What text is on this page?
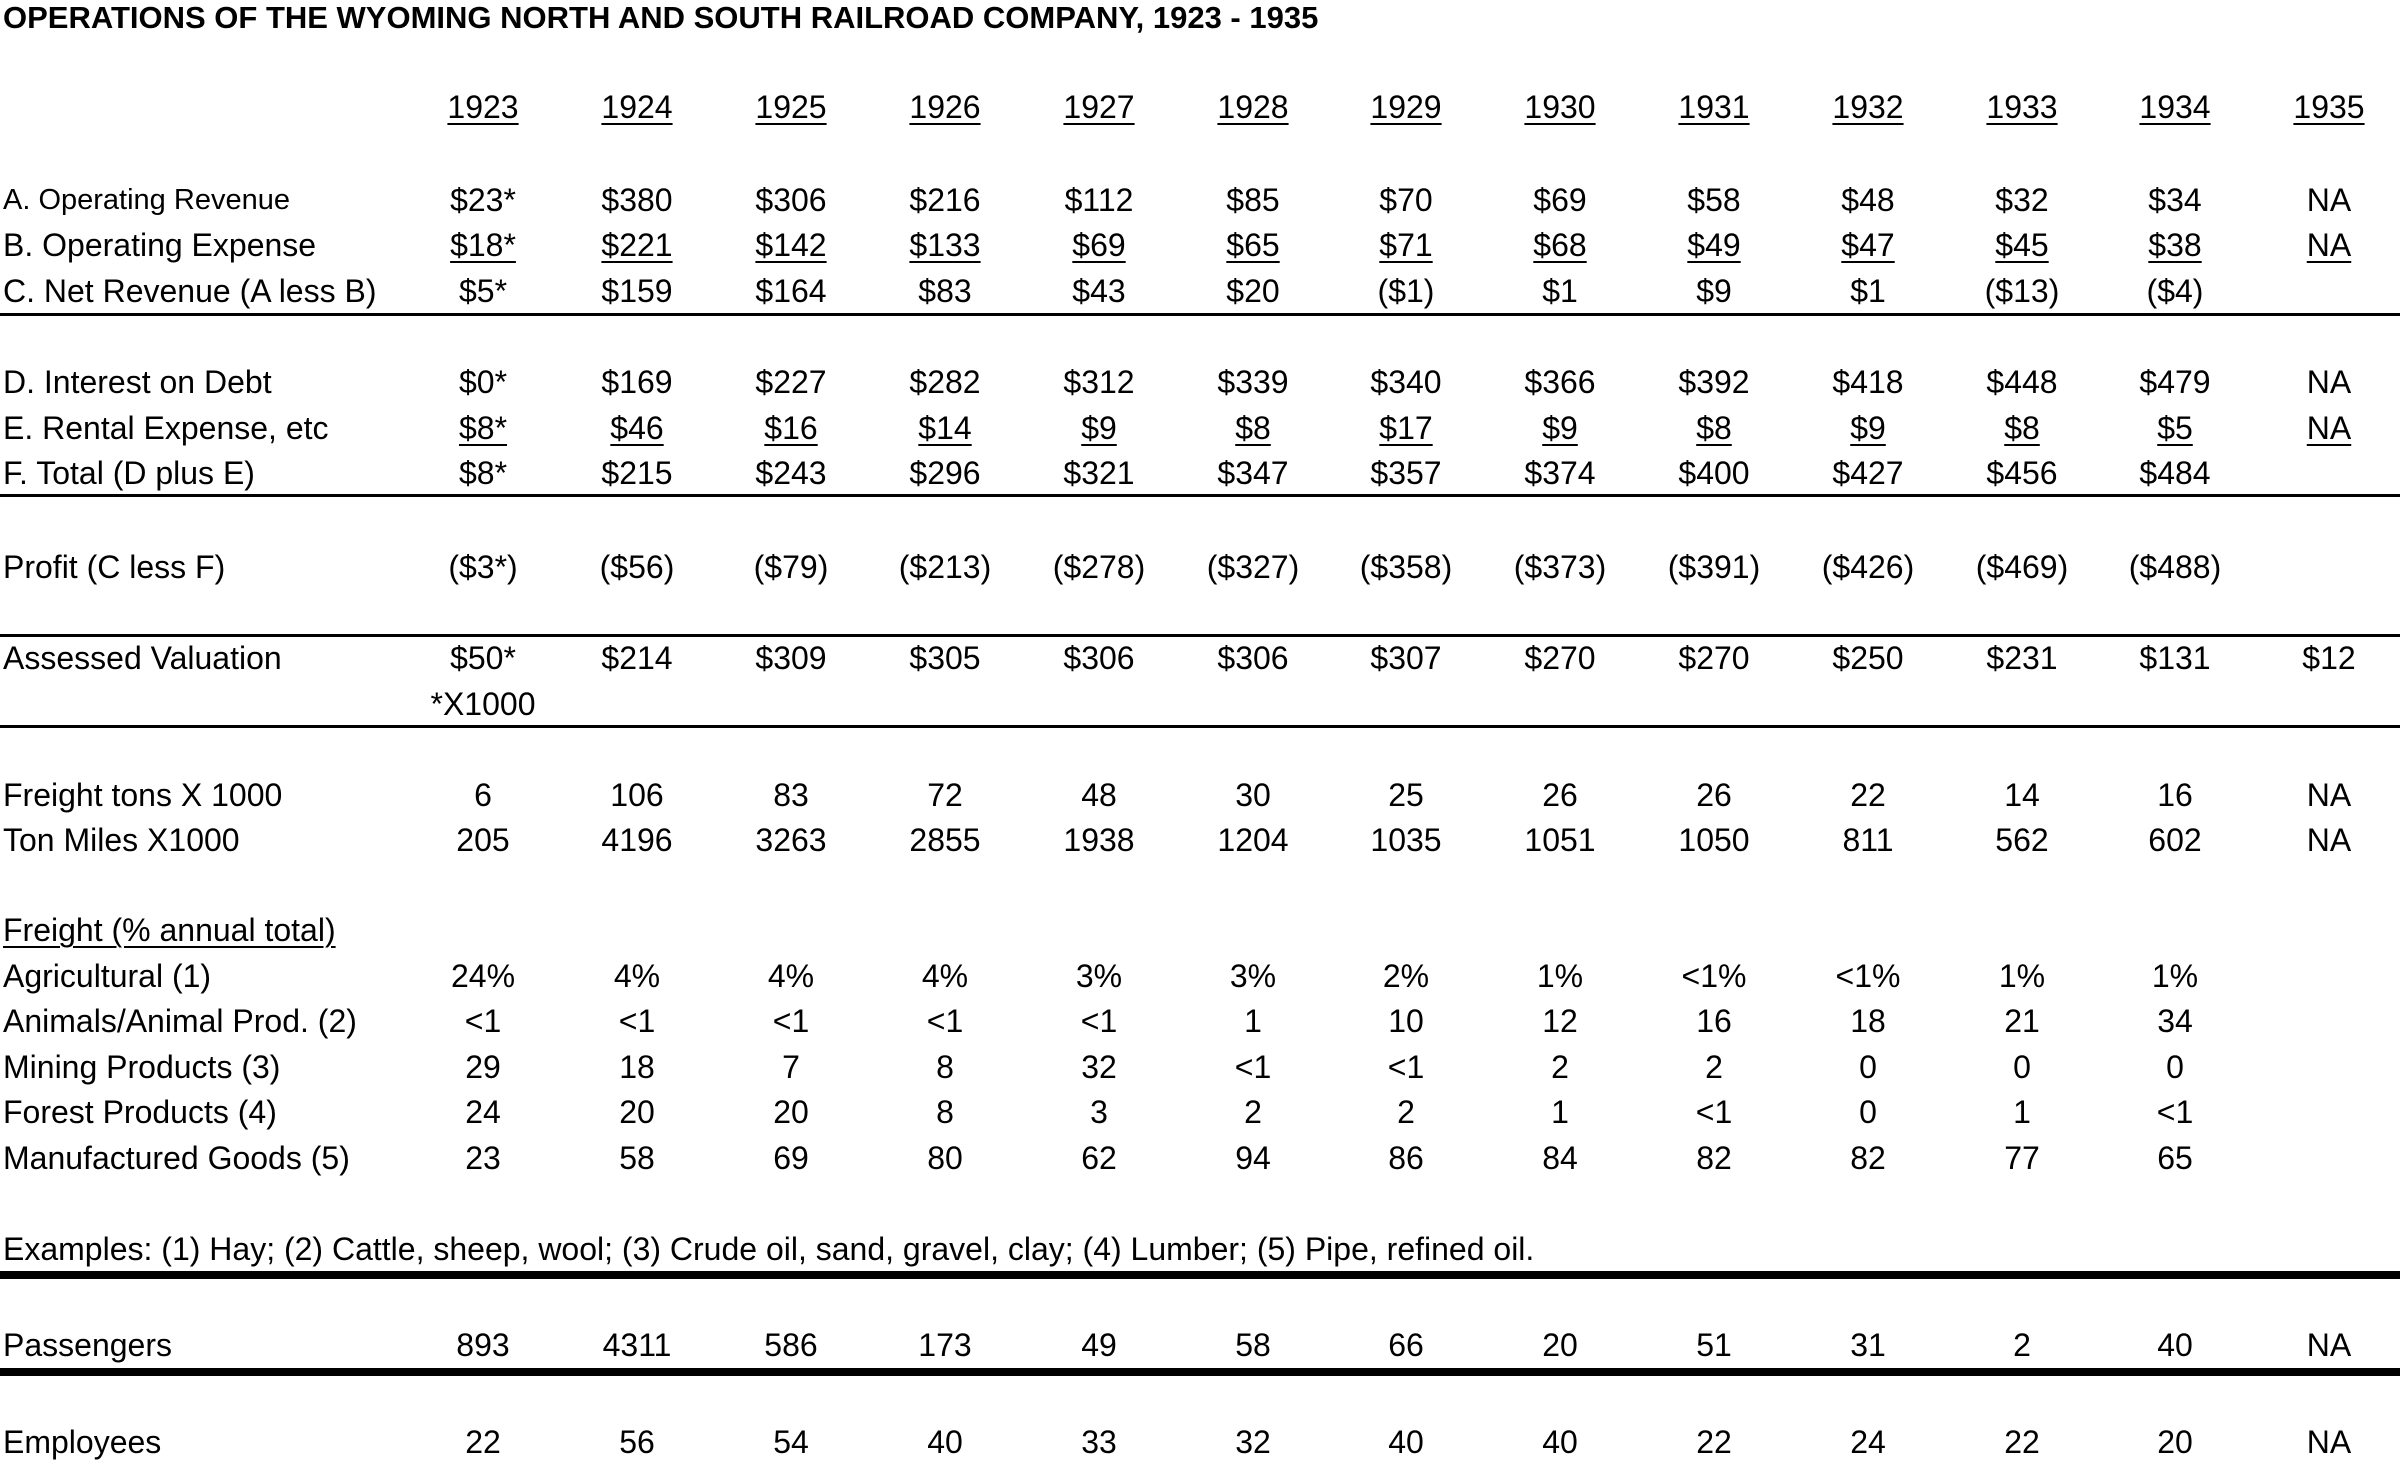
OPERATIONS OF THE WYOMING NORTH AND SOUTH RAILROAD COMPANY, 1923 - 1935
1923	1924	1925	1926	1927	1928	1929	1930	1931	1932	1933	1934	1935
A. Operating Revenue	$23*	$380	$306	$216	$112	$85	$70	$69	$58	$48	$32	$34	NA
B. Operating Expense	$18*	$221	$142	$133	$69	$65	$71	$68	$49	$47	$45	$38	NA
C. Net Revenue (A less B)	$5*	$159	$164	$83	$43	$20	($1)	$1	$9	$1	($13)	($4)
D. Interest on Debt	$0*	$169	$227	$282	$312	$339	$340	$366	$392	$418	$448	$479	NA
E. Rental Expense, etc	$8*	$46	$16	$14	$9	$8	$17	$9	$8	$9	$8	$5	NA
F. Total (D plus E)	$8*	$215	$243	$296	$321	$347	$357	$374	$400	$427	$456	$484
Profit (C less F)	($3*)	($56) ($79) ($213) ($278) ($327) ($358) ($373) ($391) ($426) ($469) ($488)
Assessed Valuation	$50*	$214	$309	$305	$306	$306	$307	$270	$270	$250	$231	$131	$12
Freight tons X 1000	6	106	83	72	48	30	25	26	26	22	14	16	NA
Ton Miles X1000	205	4196	3263	2855	1938	1204	1035	1051	1050	811	562	602	NA
Agricultural (1)	24%	4%	4%	4%	3%	3%	2%	1%	<1%	<1%	1%	1%
Animals/Animal Prod. (2)	<1	<1	<1	<1	<1	1	10	12	16	18	21	34
Mining Products (3)	29	18	7	8	32	<1	<1	2	2	0	0	0
Forest Products (4)	24	20	20	8	3	2	2	1	<1	0	1	<1
Manufactured Goods (5)	23	58	69	80	62	94	86	84	82	82	77	65
Passengers	893	4311	586	173	49	58	66	20	51	31	2	40	NA
Employees	22	56	54	40	33	32	40	40	22	24	22	20	NA
*X1000
Freight (% annual total)
Examples: (1) Hay; (2) Cattle, sheep, wool; (3) Crude oil, sand, gravel, clay; (4) Lumber; (5) Pipe, refined oil.
